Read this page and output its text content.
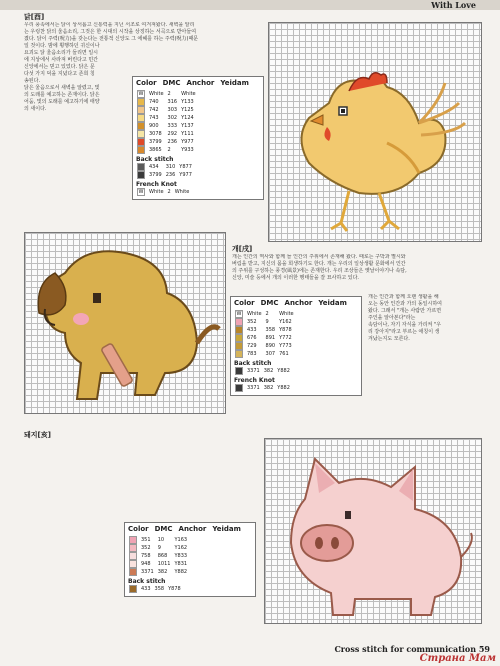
With Love
닭[酉]
우리 풍속에서는 닭이 상서롭고 신통력을 지닌 서조로 여겨져왔다. 새벽을 알리
는 우렁찬 닭의 울음소리, 그것은 한 시대의 시작을 상징하는 서곡으로 받아들여
졌다. 닭이 주력(呪力)을 갖는다는 전통적 신앙도 그 에헤를 하는 주력(呪力)때문
일 것이다. 밤에 횡행하던 귀신이나
요괴도 닭 울음소리가 들리면 일시
에 지상에서 사라져 버린다고 민간
신앙에서는 믿고 있었다. 닭은 문
다섯 가지 덕을 지녔다고 존희 칭
송된다.
닭은 울음으로서 새벽을 알렸고, 빛
의 도래를 예고하는 존재이다. 닭은
어둠, 빛의 도래를 예고하기에 태양
의 새이다.
Color DMC Anchor Yeidam
W	White	2	White
	740	316	Y133
	742	303	Y125
	743	302	Y124
	900	333	Y137
	3078	292	Y111
	3799	236	Y977
	3865	2	Y933
Back stitch
	434	310	Y877
	3799	236	Y977
French Knot
W	White	2	White
개[戌]
개는 인간의 역사와 함께 늘 인간의 주위에서 존재해 왔다. 때로는 구박과 멸시와
버림을 받고, 지신의 몸을 희생하기도 한다. 개는 우리의 일상생활 문화에서 인간
의 주위를 구성하는 풍경(風景)에는 존재한다. 우리 조상들은 옛날이야기나 속담,
신앙, 미술 등에서 개의 이러한 행태들을 잘 묘사하고 있다.
개는 인간과 함께 오랜 생활을 해
오는 동안 인간과 가의 동일시하여
왔다. 그래서 "개는 사람만 가르면
주인을 알아본다"라는
속담이나, 자기 자식을 가리켜 "우
리 강아지"라고 부르는 애칭이 생
겨났는지도 모른다.
Color DMC Anchor Yeidam
W	White	2	White
	352	9	Y162
	433	358	Y878
	676	891	Y772
	729	890	Y773
	783	307	761
Back stitch
	3371	382	Y882
French Knot
	3371	382	Y882
돼지[亥]
Color DMC Anchor Yeidam
	351	10	Y163
	352	9	Y162
	758	868	Y833
	948	1011	Y831
	3371	382	Y882
Back stitch
	433	358	Y878
Cross stitch for communication 59
Страна Мам
